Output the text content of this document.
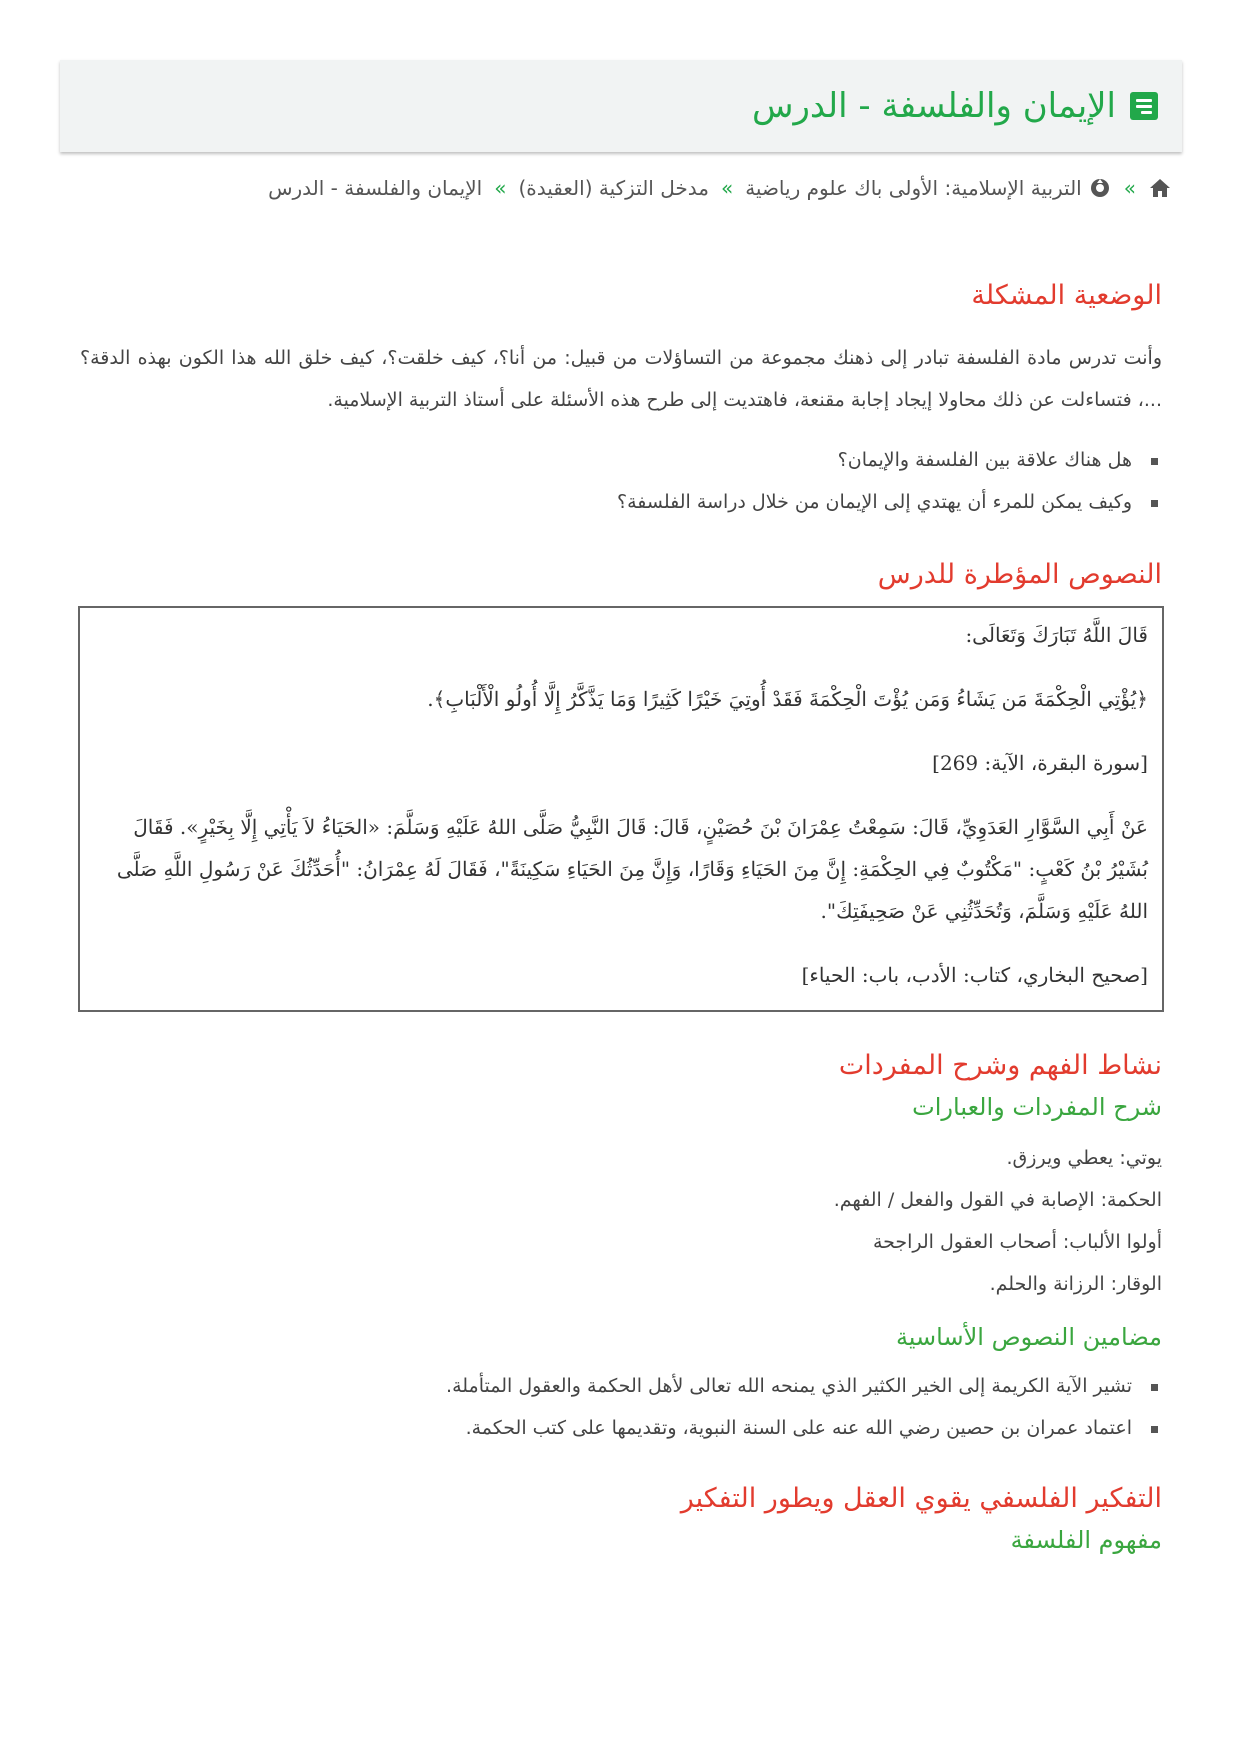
الإيمان والفلسفة - الدرس
»
التربية الإسلامية: الأولى باك علوم رياضية
»
مدخل التزكية (العقيدة)
»
الإيمان والفلسفة - الدرس
الوضعية المشكلة

وأنت تدرس مادة الفلسفة تبادر إلى ذهنك مجموعة من التساؤلات من قبيل: من أنا؟، كيف خلقت؟، كيف خلق الله هذا الكون بهذه الدقة؟ ...، فتساءلت عن ذلك محاولا إيجاد إجابة مقنعة، فاهتديت إلى طرح هذه الأسئلة على أستاذ التربية الإسلامية.

هل هناك علاقة بين الفلسفة والإيمان؟
وكيف يمكن للمرء أن يهتدي إلى الإيمان من خلال دراسة الفلسفة؟
النصوص المؤطرة للدرس

قَالَ اللَّهُ تَبَارَكَ وَتَعَالَى:

﴿يُؤْتِي الْحِكْمَةَ مَن يَشَاءُ وَمَن يُؤْتَ الْحِكْمَةَ فَقَدْ أُوتِيَ خَيْرًا كَثِيرًا وَمَا يَذَّكَّرُ إِلَّا أُولُو الْأَلْبَابِ﴾.

[سورة البقرة، الآية: 269]

عَنْ أَبِي السَّوَّارِ العَدَوِيِّ، قَالَ: سَمِعْتُ عِمْرَانَ بْنَ حُصَيْنٍ، قَالَ: قَالَ النَّبِيُّ صَلَّى اللهُ عَلَيْهِ وَسَلَّمَ: «الحَيَاءُ لاَ يَأْتِي إِلَّا بِخَيْرٍ». فَقَالَ بُشَيْرُ بْنُ كَعْبٍ: "مَكْتُوبٌ فِي الحِكْمَةِ: إِنَّ مِنَ الحَيَاءِ وَقَارًا، وَإِنَّ مِنَ الحَيَاءِ سَكِينَةً"، فَقَالَ لَهُ عِمْرَانُ: "أُحَدِّثُكَ عَنْ رَسُولِ اللَّهِ صَلَّى اللهُ عَلَيْهِ وَسَلَّمَ، وَتُحَدِّثُنِي عَنْ صَحِيفَتِكَ".

[صحيح البخاري، كتاب: الأدب، باب: الحياء]

نشاط الفهم وشرح المفردات
شرح المفردات والعبارات

يوتي: يعطي ويرزق.

الحكمة: الإصابة في القول والفعل / الفهم.

أولوا الألباب: أصحاب العقول الراجحة

الوقار: الرزانة والحلم.

مضامين النصوص الأساسية
تشير الآية الكريمة إلى الخير الكثير الذي يمنحه الله تعالى لأهل الحكمة والعقول المتأملة.
اعتماد عمران بن حصين رضي الله عنه على السنة النبوية، وتقديمها على كتب الحكمة.
التفكير الفلسفي يقوي العقل ويطور التفكير
مفهوم الفلسفة
